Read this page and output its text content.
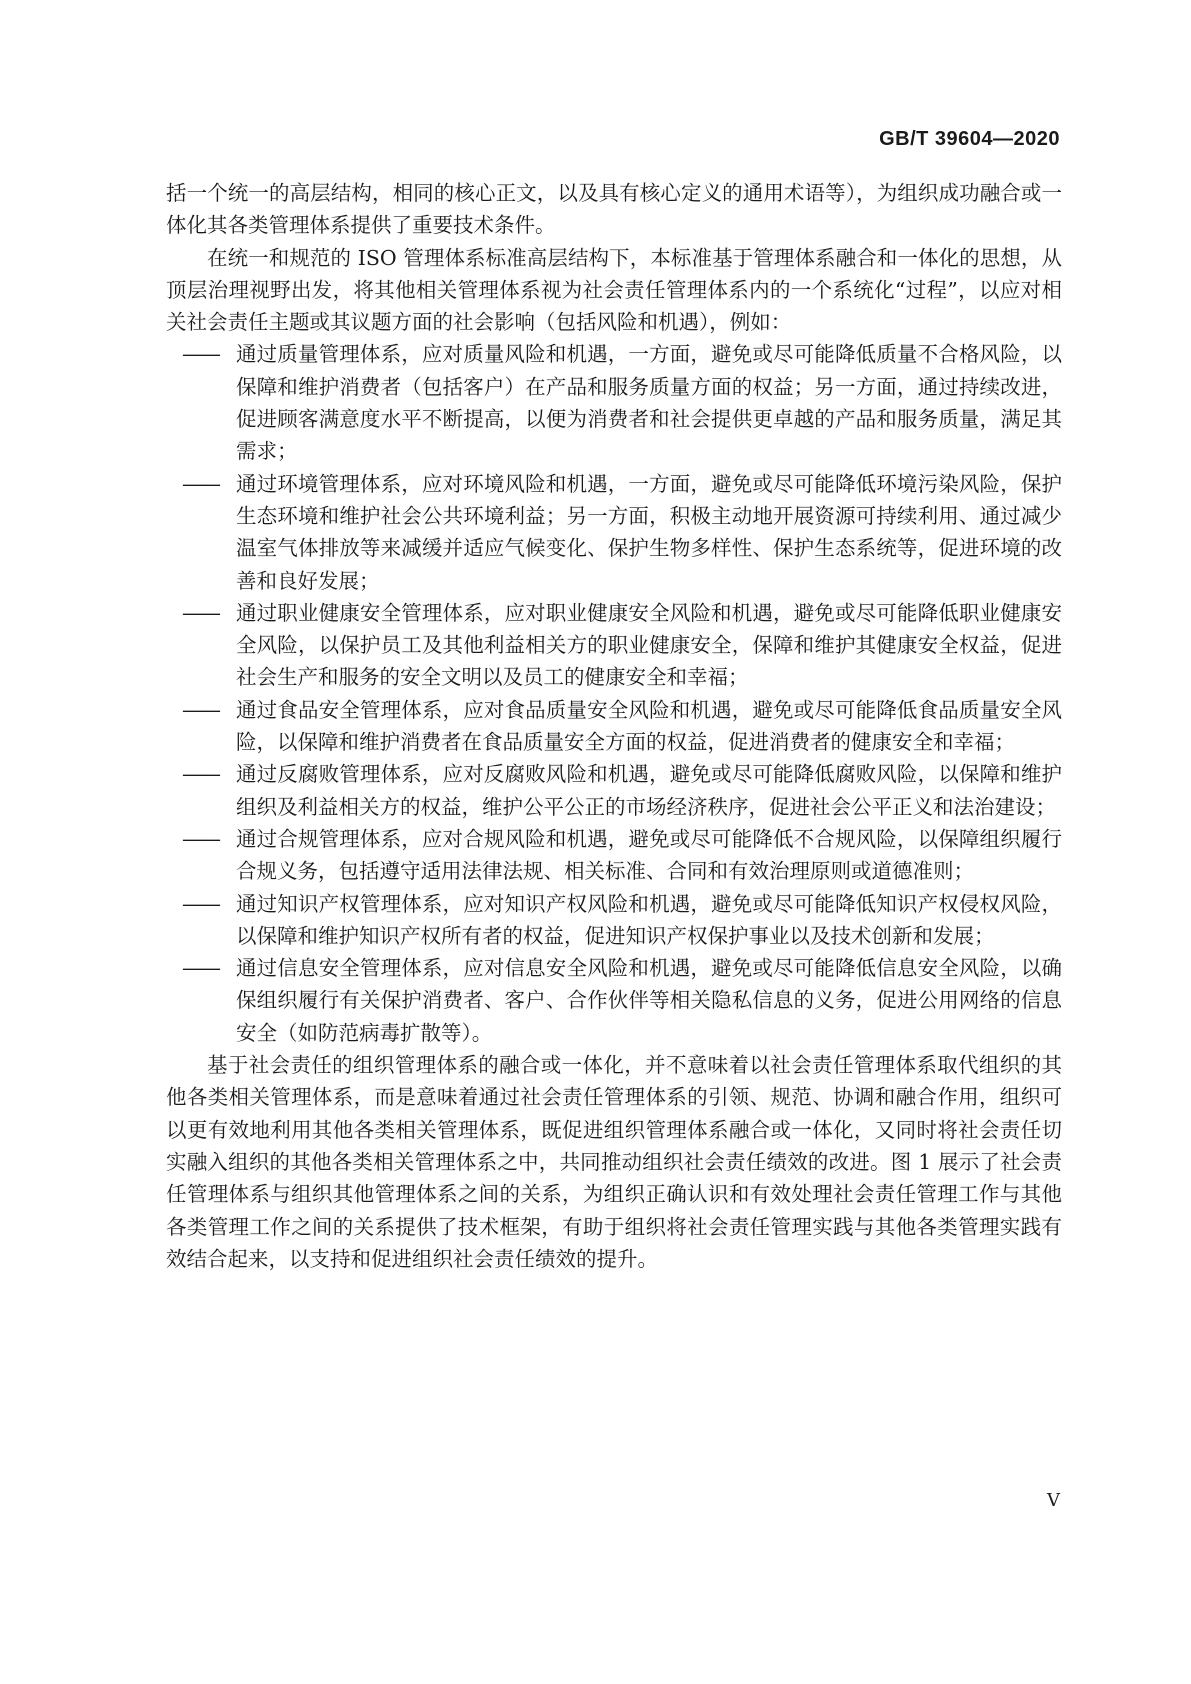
GB/T 39604—2020

括一个统一的高层结构，相同的核心正文，以及具有核心定义的通用术语等），为组织成功融合或一体化其各类管理体系提供了重要技术条件。

在统一和规范的 ISO 管理体系标准高层结构下，本标准基于管理体系融合和一体化的思想，从顶层治理视野出发，将其他相关管理体系视为社会责任管理体系内的一个系统化“过程”，以应对相关社会责任主题或其议题方面的社会影响（包括风险和机遇），例如：

—— 通过质量管理体系，应对质量风险和机遇，一方面，避免或尽可能降低质量不合格风险，以保障和维护消费者（包括客户）在产品和服务质量方面的权益；另一方面，通过持续改进，促进顾客满意度水平不断提高，以便为消费者和社会提供更卓越的产品和服务质量，满足其需求；
—— 通过环境管理体系，应对环境风险和机遇，一方面，避免或尽可能降低环境污染风险，保护生态环境和维护社会公共环境利益；另一方面，积极主动地开展资源可持续利用、通过减少温室气体排放等来减缓并适应气候变化、保护生物多样性、保护生态系统等，促进环境的改善和良好发展；
—— 通过职业健康安全管理体系，应对职业健康安全风险和机遇，避免或尽可能降低职业健康安全风险，以保护员工及其他利益相关方的职业健康安全，保障和维护其健康安全权益，促进社会生产和服务的安全文明以及员工的健康安全和幸福；
—— 通过食品安全管理体系，应对食品质量安全风险和机遇，避免或尽可能降低食品质量安全风险，以保障和维护消费者在食品质量安全方面的权益，促进消费者的健康安全和幸福；
—— 通过反腐败管理体系，应对反腐败风险和机遇，避免或尽可能降低腐败风险，以保障和维护组织及利益相关方的权益，维护公平公正的市场经济秩序，促进社会公平正义和法治建设；
—— 通过合规管理体系，应对合规风险和机遇，避免或尽可能降低不合规风险，以保障组织履行合规义务，包括遵守适用法律法规、相关标准、合同和有效治理原则或道德准则；
—— 通过知识产权管理体系，应对知识产权风险和机遇，避免或尽可能降低知识产权侵权风险，以保障和维护知识产权所有者的权益，促进知识产权保护事业以及技术创新和发展；
—— 通过信息安全管理体系，应对信息安全风险和机遇，避免或尽可能降低信息安全风险，以确保组织履行有关保护消费者、客户、合作伙伴等相关隐私信息的义务，促进公用网络的信息安全（如防范病毒扩散等）。

基于社会责任的组织管理体系的融合或一体化，并不意味着以社会责任管理体系取代组织的其他各类相关管理体系，而是意味着通过社会责任管理体系的引领、规范、协调和融合作用，组织可以更有效地利用其他各类相关管理体系，既促进组织管理体系融合或一体化，又同时将社会责任切实融入组织的其他各类相关管理体系之中，共同推动组织社会责任绩效的改进。图 1 展示了社会责任管理体系与组织其他管理体系之间的关系，为组织正确认识和有效处理社会责任管理工作与其他各类管理工作之间的关系提供了技术框架，有助于组织将社会责任管理实践与其他各类管理实践有效结合起来，以支持和促进组织社会责任绩效的提升。

V
